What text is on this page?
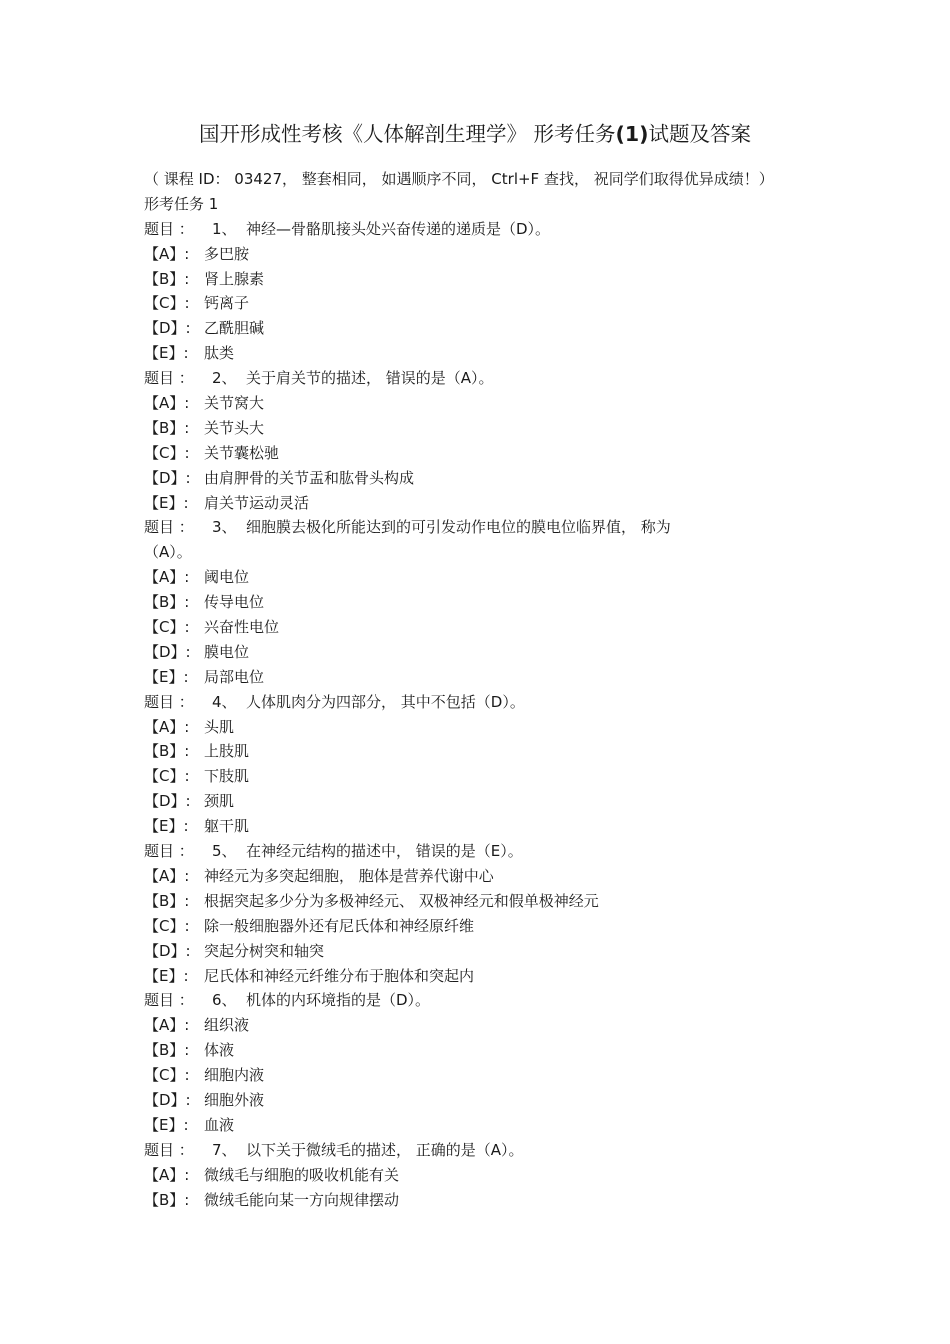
国开形成性考核《人体解剖生理学》 形考任务(1)试题及答案
（ 课程 ID： 03427， 整套相同， 如遇顺序不同， Ctrl+F 查找， 祝同学们取得优异成绩！）
形考任务 1
题目 ： 1、 神经—骨骼肌接头处兴奋传递的递质是（D）。
【A】: 多巴胺
【B】: 肾上腺素
【C】: 钙离子
【D】: 乙酰胆碱
【E】: 肽类
题目 ： 2、 关于肩关节的描述， 错误的是（A）。
【A】: 关节窝大
【B】: 关节头大
【C】: 关节囊松驰
【D】: 由肩胛骨的关节盂和肱骨头构成
【E】: 肩关节运动灵活
题目 ： 3、 细胞膜去极化所能达到的可引发动作电位的膜电位临界值， 称为
（A）。
【A】: 阈电位
【B】: 传导电位
【C】: 兴奋性电位
【D】: 膜电位
【E】: 局部电位
题目 ： 4、 人体肌肉分为四部分， 其中不包括（D）。
【A】: 头肌
【B】: 上肢肌
【C】: 下肢肌
【D】: 颈肌
【E】: 躯干肌
题目 ： 5、 在神经元结构的描述中， 错误的是（E）。
【A】: 神经元为多突起细胞， 胞体是营养代谢中心
【B】: 根据突起多少分为多极神经元、 双极神经元和假单极神经元
【C】: 除一般细胞器外还有尼氏体和神经原纤维
【D】: 突起分树突和轴突
【E】: 尼氏体和神经元纤维分布于胞体和突起内
题目 ： 6、 机体的内环境指的是（D）。
【A】: 组织液
【B】: 体液
【C】: 细胞内液
【D】: 细胞外液
【E】: 血液
题目 ： 7、 以下关于微绒毛的描述， 正确的是（A）。
【A】: 微绒毛与细胞的吸收机能有关
【B】: 微绒毛能向某一方向规律摆动
